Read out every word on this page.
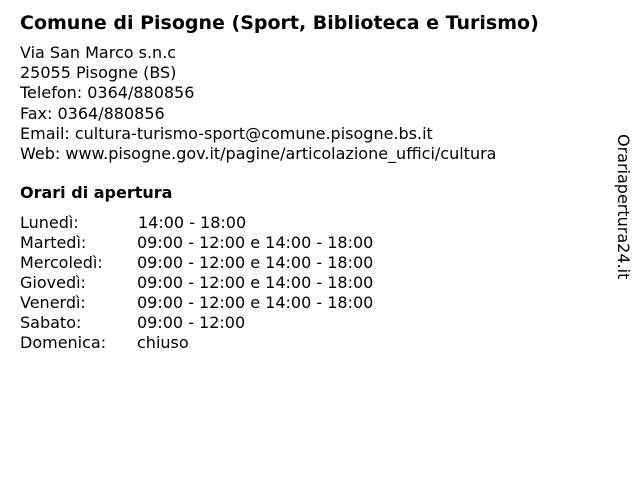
Comune di Pisogne (Sport, Biblioteca e Turismo)
Via San Marco s.n.c
25055 Pisogne (BS)
Telefon: 0364/880856
Fax: 0364/880856
Email: cultura-turismo-sport@comune.pisogne.bs.it
Web: www.pisogne.gov.it/pagine/articolazione_uffici/cultura
Orari di apertura
Lunedì:	14:00 - 18:00
Martedì:	09:00 - 12:00 e 14:00 - 18:00
Mercoledì: 09:00 - 12:00 e 14:00 - 18:00
Giovedì:	09:00 - 12:00 e 14:00 - 18:00
Venerdì:	09:00 - 12:00 e 14:00 - 18:00
Sabato:	09:00 - 12:00
Domenica: chiuso
Orariaperturа24.it
